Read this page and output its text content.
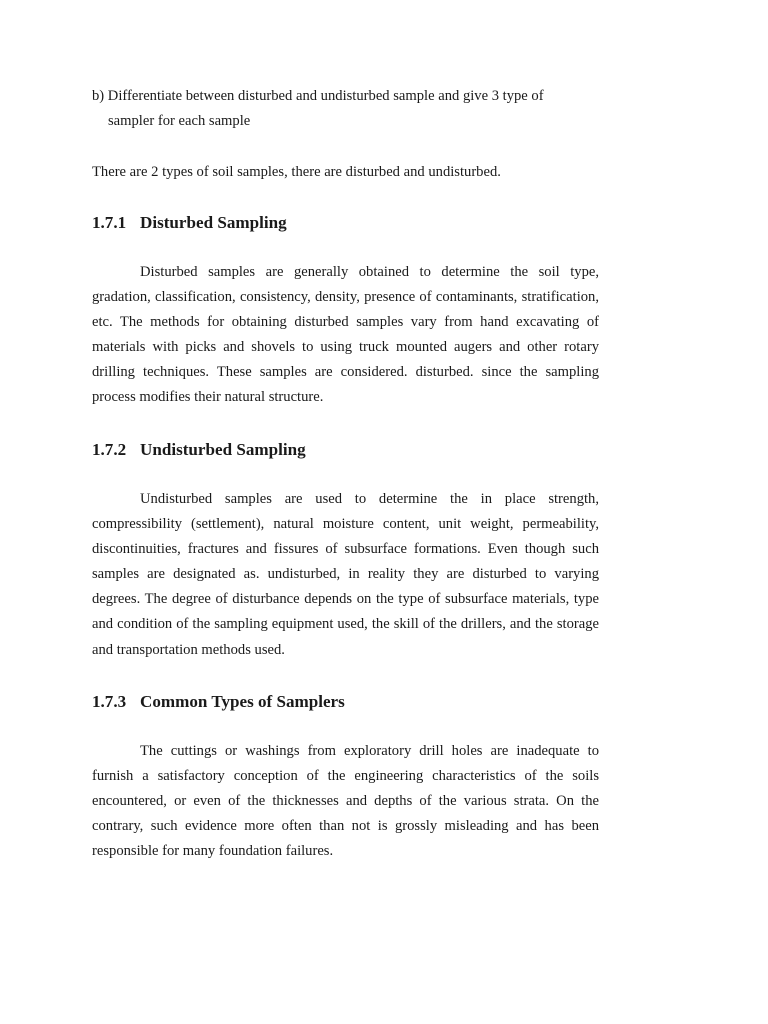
b) Differentiate between disturbed and undisturbed sample and give 3 type of
sampler for each sample

There are 2 types of soil samples, there are disturbed and undisturbed.

1.7.1 Disturbed Sampling

Disturbed samples are generally obtained to determine the soil type, gradation, classification, consistency, density, presence of contaminants, stratification, etc. The methods for obtaining disturbed samples vary from hand excavating of materials with picks and shovels to using truck mounted augers and other rotary drilling techniques. These samples are considered. disturbed. since the sampling process modifies their natural structure.

1.7.2 Undisturbed Sampling

Undisturbed samples are used to determine the in place strength, compressibility (settlement), natural moisture content, unit weight, permeability, discontinuities, fractures and fissures of subsurface formations. Even though such samples are designated as. undisturbed, in reality they are disturbed to varying degrees. The degree of disturbance depends on the type of subsurface materials, type and condition of the sampling equipment used, the skill of the drillers, and the storage and transportation methods used.

1.7.3 Common Types of Samplers

The cuttings or washings from exploratory drill holes are inadequate to furnish a satisfactory conception of the engineering characteristics of the soils encountered, or even of the thicknesses and depths of the various strata. On the contrary, such evidence more often than not is grossly misleading and has been responsible for many foundation failures.
